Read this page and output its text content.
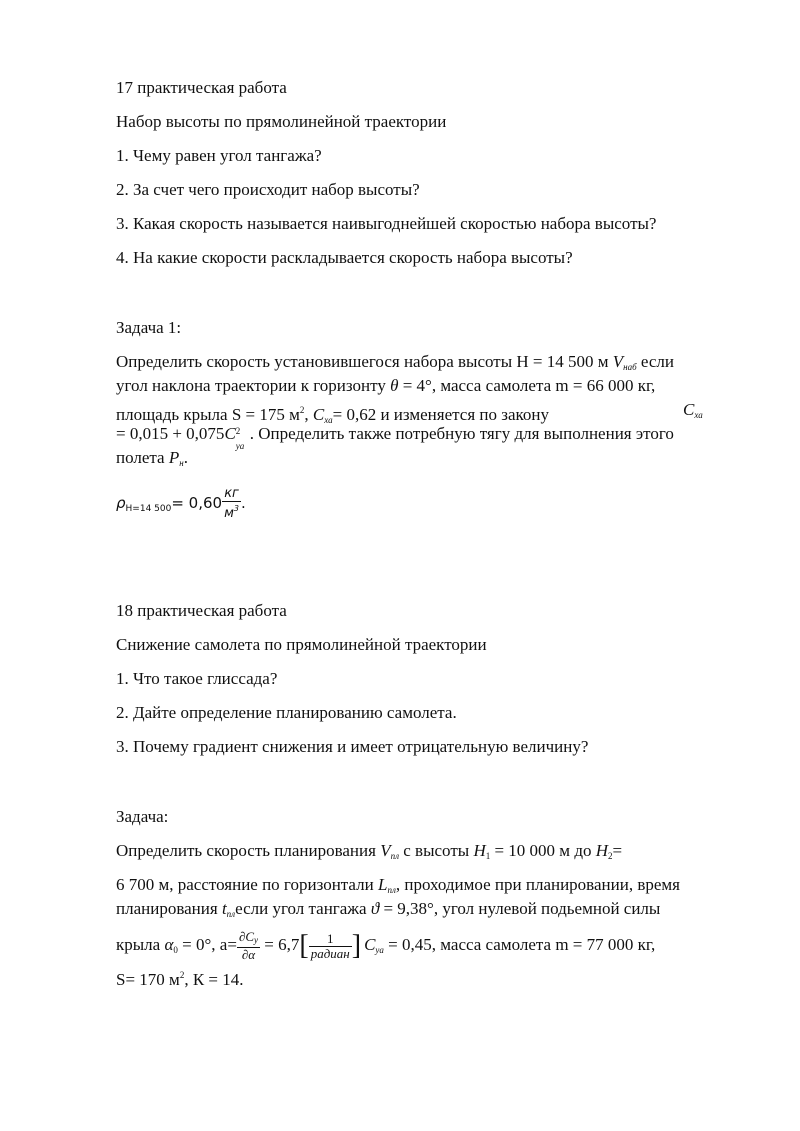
17 практическая работа
Набор высоты по прямолинейной траектории
1. Чему равен угол тангажа?
2. За счет чего происходит набор высоты?
3. Какая скорость называется наивыгоднейшей скоростью набора высоты?
4. На какие скорости раскладывается скорость набора высоты?
Задача 1:
Определить скорость установившегося набора высоты H = 14 500 м $V_{наб}$ если
угол наклона траектории к горизонту θ = 4°, масса самолета m = 66 000 кг,
площадь крыла S = 175 $м^2$, $C_{ха}= 0,62$ и изменяется по закону	$C_{ха}$
= 0,015 + 0,075C 2
уа
. Определить также потребную тягу для выполнения этого
полета $P_н$.
$\rho_{H=14 500}= 0,60 \frac{кг}{м^3}$ .
18 практическая работа
Снижение самолета по прямолинейной траектории
1. Что такое глиссада?
2. Дайте определение планированию самолета.
3. Почему градиент снижения и имеет отрицательную величину?
Задача:
Определить скорость планирования $V_{пл}$ с высоты $H_1 = 10$ 000 м до $H_2=$
6 700 м, расстояние по горизонтали $L_{пл}$, проходимое при планировании, время
планирования $t_{пл}если$ угол тангажа ϑ = 9,38°, угол нулевой подьемной силы
крыла $\alpha_0 = 0^\circ$, $a= \frac{\partial C_y}{\partial\alpha} = 6,7[ \frac{1}{\text{радиан}}$ ] $C_{уа} = 0,45$, масса самолета m = 77 000 кг,
S= 170 $м^2$, К = 14.
